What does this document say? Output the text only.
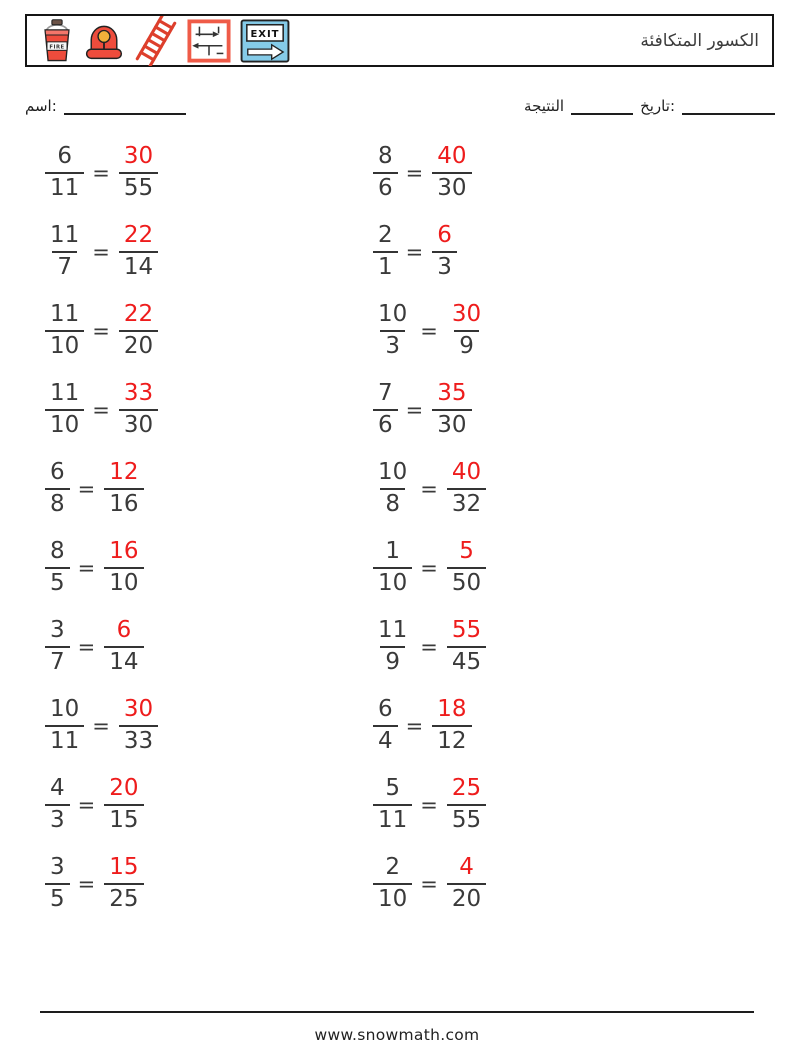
FIRE
EXIT	الكسور المتكافئة
اسم:	النتيجة	تاريخ:
$\frac{6}{11} = \frac{30}{55}$
$\frac{11}{7} = \frac{22}{14}$
$\frac{11}{10} = \frac{22}{20}$
$\frac{11}{10} = \frac{33}{30}$
$\frac{6}{8} = \frac{12}{16}$
$\frac{8}{5} = \frac{16}{10}$
$\frac{3}{7} = \frac{6}{14}$
$\frac{10}{11} = \frac{30}{33}$
$\frac{4}{3} = \frac{20}{15}$
$\frac{3}{5} = \frac{15}{25}$
$\frac{8}{6} = \frac{40}{30}$
$\frac{2}{1} = \frac{6}{3}$
$\frac{10}{3} = \frac{30}{9}$
$\frac{7}{6} = \frac{35}{30}$
$\frac{10}{8} = \frac{40}{32}$
$\frac{1}{10} = \frac{5}{50}$
$\frac{11}{9} = \frac{55}{45}$
$\frac{6}{4} = \frac{18}{12}$
$\frac{5}{11} = \frac{25}{55}$
$\frac{2}{10} = \frac{4}{20}$
www.snowmath.com
